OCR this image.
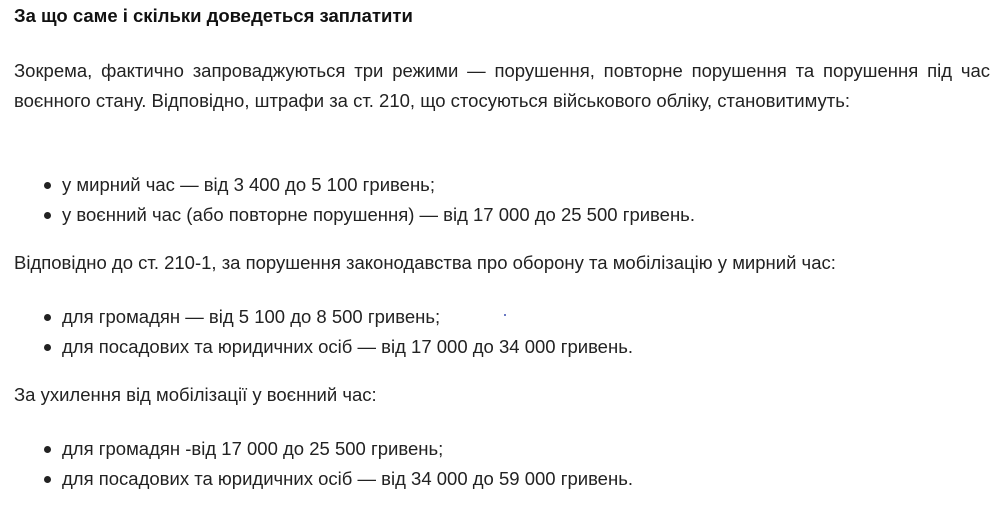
За що саме і скільки доведеться заплатити

Зокрема, фактично запроваджуються три режими — порушення, повторне порушення та порушення під час воєнного стану. Відповідно, штрафи за ст. 210, що стосуються військового обліку, становитимуть:

у мирний час — від 3 400 до 5 100 гривень;
у воєнний час (або повторне порушення) — від 17 000 до 25 500 гривень.

Відповідно до ст. 210-1, за порушення законодавства про оборону та мобілізацію у мирний час:

для громадян — від 5 100 до 8 500 гривень;
для посадових та юридичних осіб — від 17 000 до 34 000 гривень.

За ухилення від мобілізації у воєнний час:

для громадян -від 17 000 до 25 500 гривень;
для посадових та юридичних осіб — від 34 000 до 59 000 гривень.
